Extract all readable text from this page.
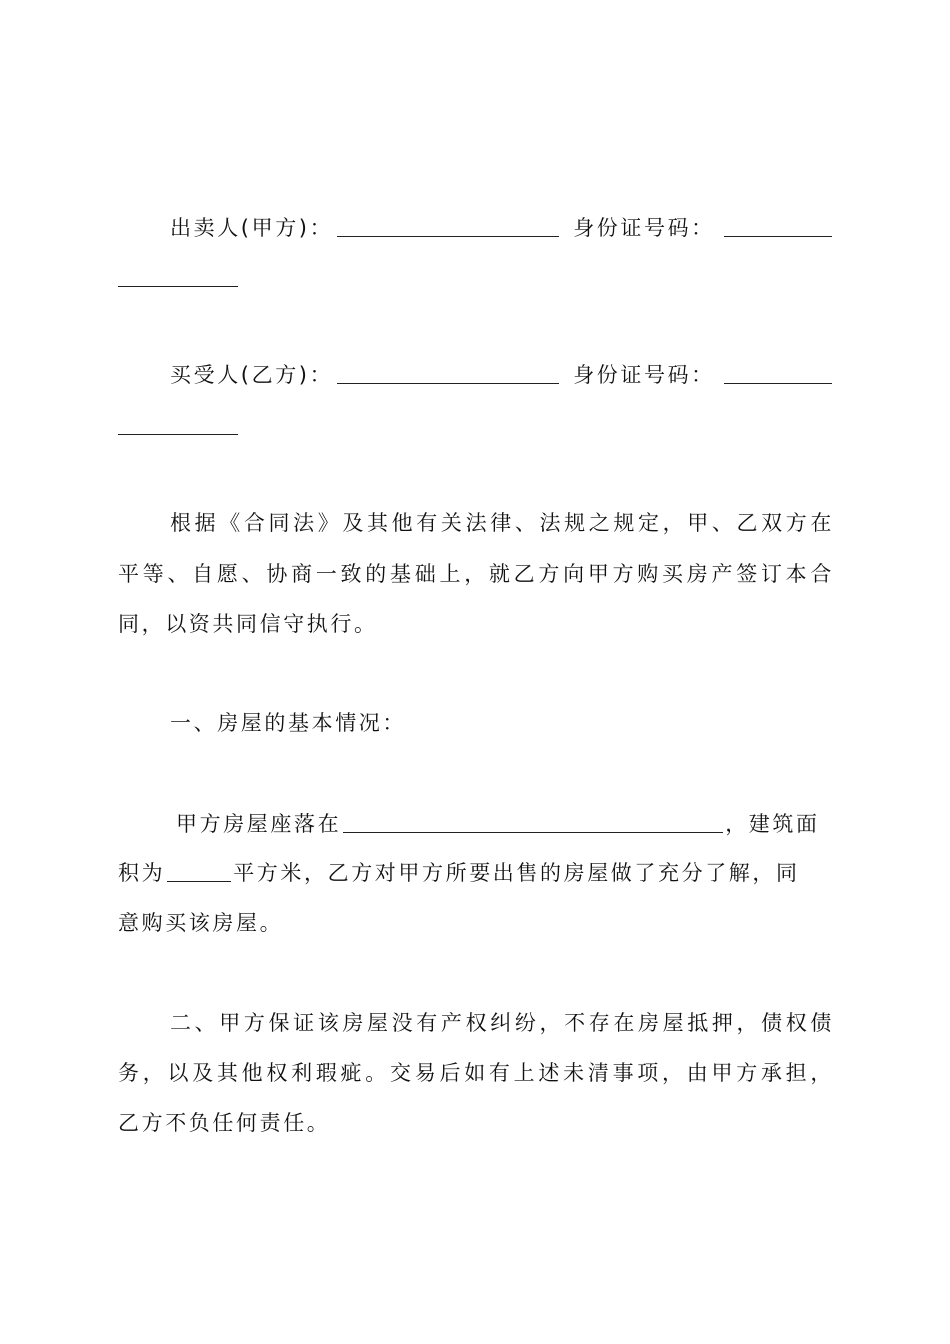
出卖人(甲方)：	身份证号码：
买受人(乙方)：	身份证号码：
根据《合同法》及其他有关法律、法规之规定，甲、乙双方在
平等、自愿、协商一致的基础上，就乙方向甲方购买房产签订本合
同，以资共同信守执行。
一、房屋的基本情况：
甲方房屋座落在	，建筑面
积为	平方米，乙方对甲方所要出售的房屋做了充分了解，同
意购买该房屋。
二、甲方保证该房屋没有产权纠纷，不存在房屋抵押，债权债
务，以及其他权利瑕疵。交易后如有上述未清事项，由甲方承担，
乙方不负任何责任。
